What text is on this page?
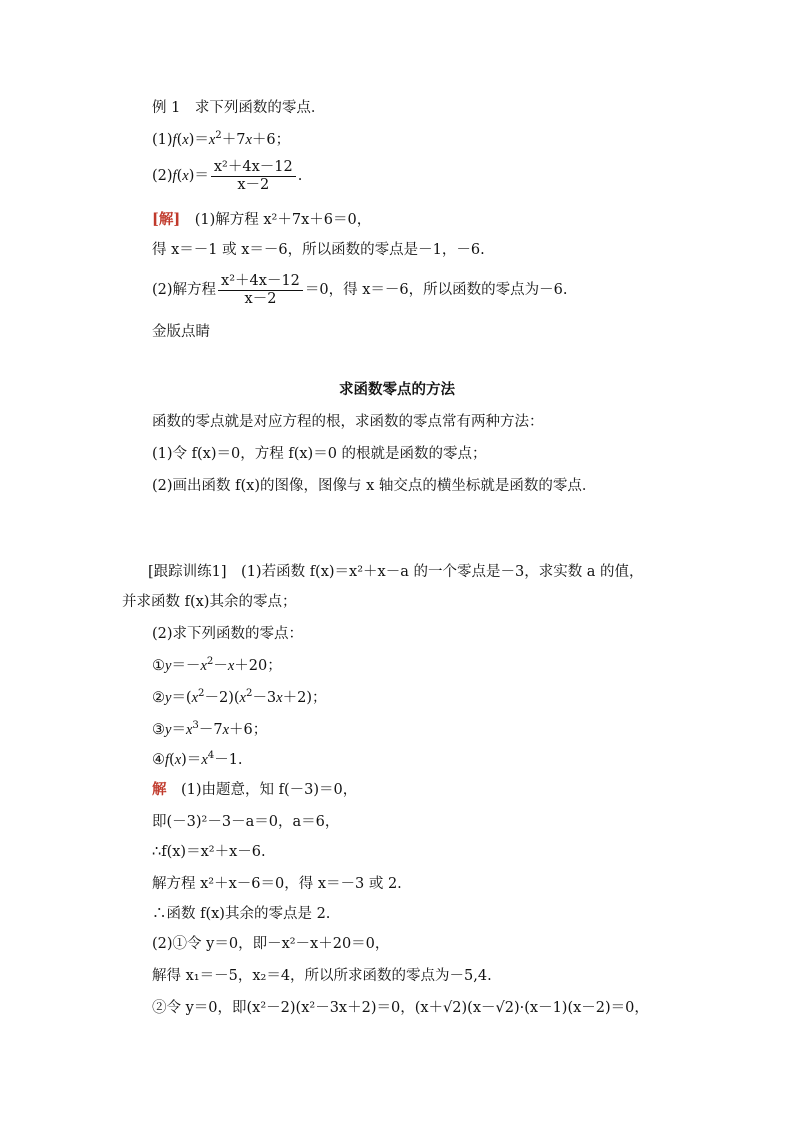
例 1　求下列函数的零点．
$(1)f(x)=x^2+7x+6$；
$(2)f(x)= \frac{\text{x²＋4x－12}}{x-2}$ .
[解]　 (1)解方程 x²＋7x＋6＝0，
得 x＝－1 或 x＝－6，所以函数的零点是－1，－6.
(2)解方程 $\frac{\text{x²＋4x－12}}{x-2} =0$，得 x＝－6，所以函数的零点为－6.
金版点睛
求函数零点的方法
函数的零点就是对应方程的根，求函数的零点常有两种方法：
(1)令 f(x)＝0，方程 f(x)＝0 的根就是函数的零点；
(2)画出函数 f(x)的图像，图像与 x 轴交点的横坐标就是函数的零点．
[跟踪训练1]　 (1)若函数 f(x)＝x²＋x－a 的一个零点是－3，求实数 a 的值，
并求函数 f(x)其余的零点；
(2)求下列函数的零点：
$①y=-x^2-x+20$；
$②y=(x^2-2)(x^2-3x+2)$；
$③y=x^3-7x+6$；
$④f(x)=x^4-1$.
解　 (1)由题意，知 f(－3)＝0，
即(－3)²－3－a＝0，a＝6，
∴f(x)＝x²＋x－6.
解方程 x²＋x－6＝0，得 x＝－3 或 2.
∴函数 f(x)其余的零点是 2.
(2)①令 y＝0，即－x²－x＋20＝0，
解得 x₁＝－5，x₂＝4，所以所求函数的零点为－5,4.
②令 y＝0，即(x²－2)(x²－3x＋2)＝0，(x＋√2)(x－√2)·(x－1)(x－2)＝0，
